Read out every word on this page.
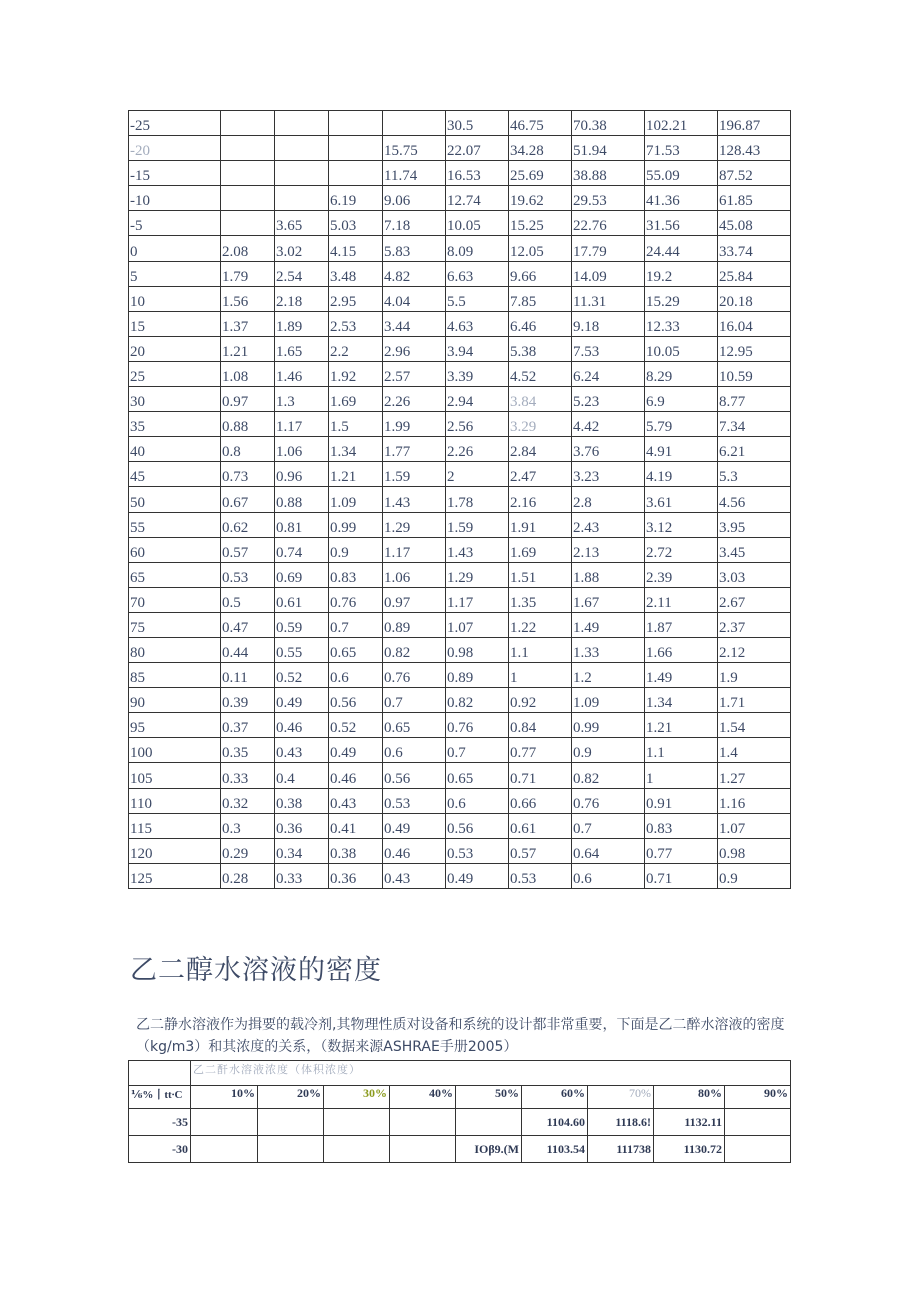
-25					30.5	46.75	70.38	102.21	196.87
-20				15.75	22.07	34.28	51.94	71.53	128.43
-15				11.74	16.53	25.69	38.88	55.09	87.52
-10			6.19	9.06	12.74	19.62	29.53	41.36	61.85
-5		3.65	5.03	7.18	10.05	15.25	22.76	31.56	45.08
0	2.08	3.02	4.15	5.83	8.09	12.05	17.79	24.44	33.74
5	1.79	2.54	3.48	4.82	6.63	9.66	14.09	19.2	25.84
10	1.56	2.18	2.95	4.04	5.5	7.85	11.31	15.29	20.18
15	1.37	1.89	2.53	3.44	4.63	6.46	9.18	12.33	16.04
20	1.21	1.65	2.2	2.96	3.94	5.38	7.53	10.05	12.95
25	1.08	1.46	1.92	2.57	3.39	4.52	6.24	8.29	10.59
30	0.97	1.3	1.69	2.26	2.94	3.84	5.23	6.9	8.77
35	0.88	1.17	1.5	1.99	2.56	3.29	4.42	5.79	7.34
40	0.8	1.06	1.34	1.77	2.26	2.84	3.76	4.91	6.21
45	0.73	0.96	1.21	1.59	2	2.47	3.23	4.19	5.3
50	0.67	0.88	1.09	1.43	1.78	2.16	2.8	3.61	4.56
55	0.62	0.81	0.99	1.29	1.59	1.91	2.43	3.12	3.95
60	0.57	0.74	0.9	1.17	1.43	1.69	2.13	2.72	3.45
65	0.53	0.69	0.83	1.06	1.29	1.51	1.88	2.39	3.03
70	0.5	0.61	0.76	0.97	1.17	1.35	1.67	2.11	2.67
75	0.47	0.59	0.7	0.89	1.07	1.22	1.49	1.87	2.37
80	0.44	0.55	0.65	0.82	0.98	1.1	1.33	1.66	2.12
85	0.11	0.52	0.6	0.76	0.89	1	1.2	1.49	1.9
90	0.39	0.49	0.56	0.7	0.82	0.92	1.09	1.34	1.71
95	0.37	0.46	0.52	0.65	0.76	0.84	0.99	1.21	1.54
100	0.35	0.43	0.49	0.6	0.7	0.77	0.9	1.1	1.4
105	0.33	0.4	0.46	0.56	0.65	0.71	0.82	1	1.27
110	0.32	0.38	0.43	0.53	0.6	0.66	0.76	0.91	1.16
115	0.3	0.36	0.41	0.49	0.56	0.61	0.7	0.83	1.07
120	0.29	0.34	0.38	0.46	0.53	0.57	0.64	0.77	0.98
125	0.28	0.33	0.36	0.43	0.49	0.53	0.6	0.71	0.9
乙二醇水溶液的密度

乙二静水溶液作为揖要的载冷剂,其物理性质对设备和系统的设计都非常重要，下面是乙二醉水溶液的密度（kg/m3）和其浓度的关系，（数据来源ASHRAE手册2005）

	乙二酐水溶液浓度（体积浓度）								
⅙%丨tt∙C	10%	20%	30%	40%	50%	60%	70%	80%	90%
-35						1104.60	1118.6!	1132.11	
-30					IOβ9.(M	1103.54	111738	1130.72	
